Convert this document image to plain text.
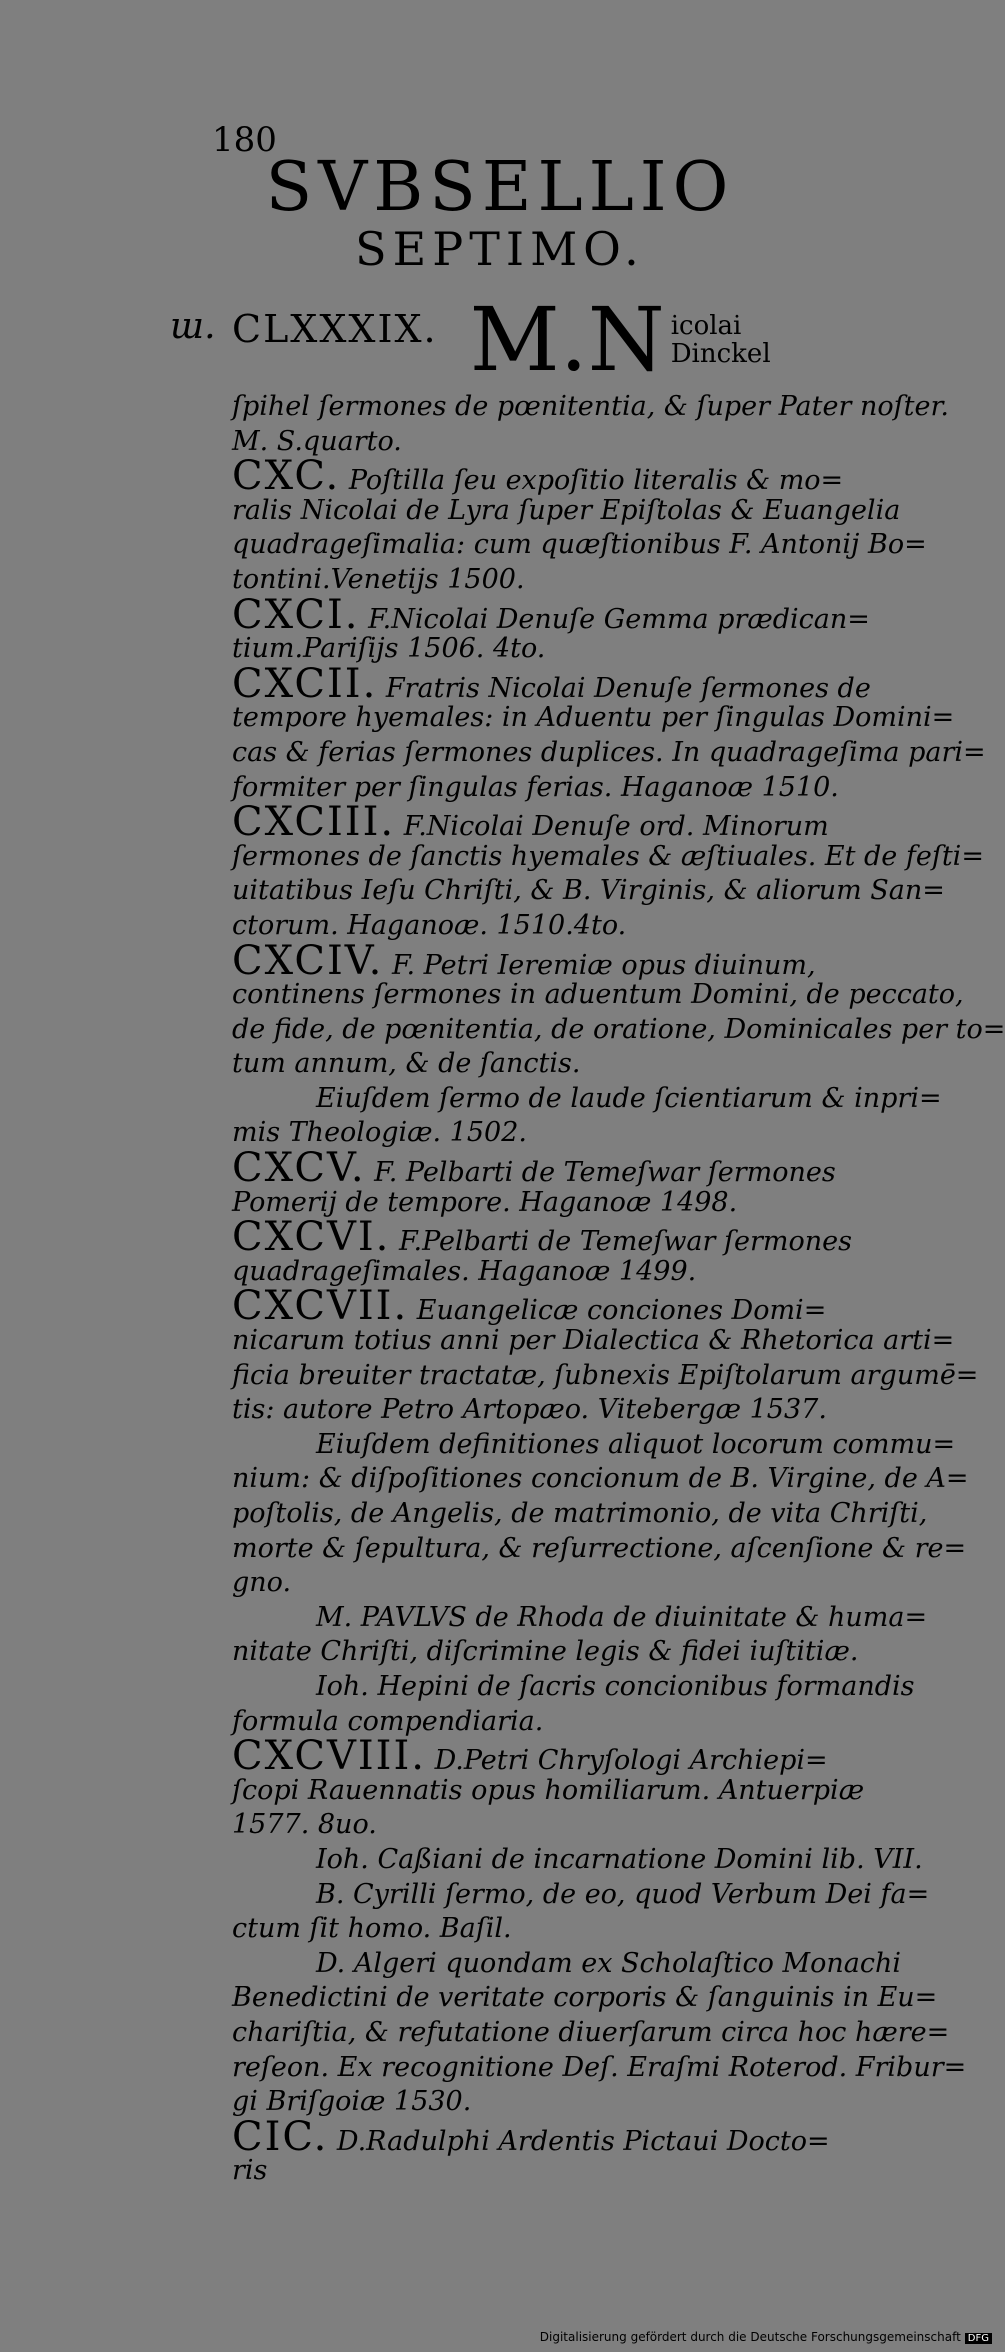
180
SVBSELLIO
SEPTIMO.
ɯ. CLXXXIX. M.N icolai
Dinckel
ſpihel ſermones de pœnitentia, & ſuper Pater noſter.
M. S.quarto.
CXC. Poſtilla ſeu expoſitio literalis & mo=
ralis Nicolai de Lyra ſuper Epiſtolas & Euangelia
quadrageſimalia: cum quæſtionibus F. Antonij Bo=
tontini.Venetijs 1500.
CXCI. F.Nicolai Denuſe Gemma prædican=
tium.Pariſijs 1506. 4to.
CXCII. Fratris Nicolai Denuſe ſermones de
tempore hyemales: in Aduentu per ſingulas Domini=
cas & ferias ſermones duplices. In quadrageſima pari=
formiter per ſingulas ferias. Haganoæ 1510.
CXCIII. F.Nicolai Denuſe ord. Minorum
ſermones de ſanctis hyemales & æſtiuales. Et de feſti=
uitatibus Ieſu Chriſti, & B. Virginis, & aliorum San=
ctorum. Haganoæ. 1510.4to.
CXCIV. F. Petri Ieremiæ opus diuinum,
continens ſermones in aduentum Domini, de peccato,
de fide, de pœnitentia, de oratione, Dominicales per to=
tum annum, & de ſanctis.
Eiuſdem ſermo de laude ſcientiarum & inpri=
mis Theologiæ. 1502.
CXCV. F. Pelbarti de Temeſwar ſermones
Pomerij de tempore. Haganoæ 1498.
CXCVI. F.Pelbarti de Temeſwar ſermones
quadrageſimales. Haganoæ 1499.
CXCVII. Euangelicæ conciones Domi=
nicarum totius anni per Dialectica & Rhetorica arti=
ficia breuiter tractatæ, ſubnexis Epiſtolarum argumē=
tis: autore Petro Artopæo. Vitebergæ 1537.
Eiuſdem definitiones aliquot locorum commu=
nium: & diſpoſitiones concionum de B. Virgine, de A=
poſtolis, de Angelis, de matrimonio, de vita Chriſti,
morte & ſepultura, & reſurrectione, aſcenſione & re=
gno.
M. PAVLVS de Rhoda de diuinitate & huma=
nitate Chriſti, diſcrimine legis & fidei iuſtitiæ.
Ioh. Hepini de ſacris concionibus formandis
formula compendiaria.
CXCVIII. D.Petri Chryſologi Archiepi=
ſcopi Rauennatis opus homiliarum. Antuerpiæ
1577. 8uo.
Ioh. Caßiani de incarnatione Domini lib. VII.
B. Cyrilli ſermo, de eo, quod Verbum Dei fa=
ctum ſit homo. Baſil.
D. Algeri quondam ex Scholaſtico Monachi
Benedictini de veritate corporis & ſanguinis in Eu=
chariſtia, & refutatione diuerſarum circa hoc hære=
reſeon. Ex recognitione Deſ. Eraſmi Roterod. Fribur=
gi Briſgoiæ 1530.
CIC. D.Radulphi Ardentis Pictaui Docto=
ris
Digitalisierung gefördert durch die Deutsche Forschungsgemeinschaft DFG
